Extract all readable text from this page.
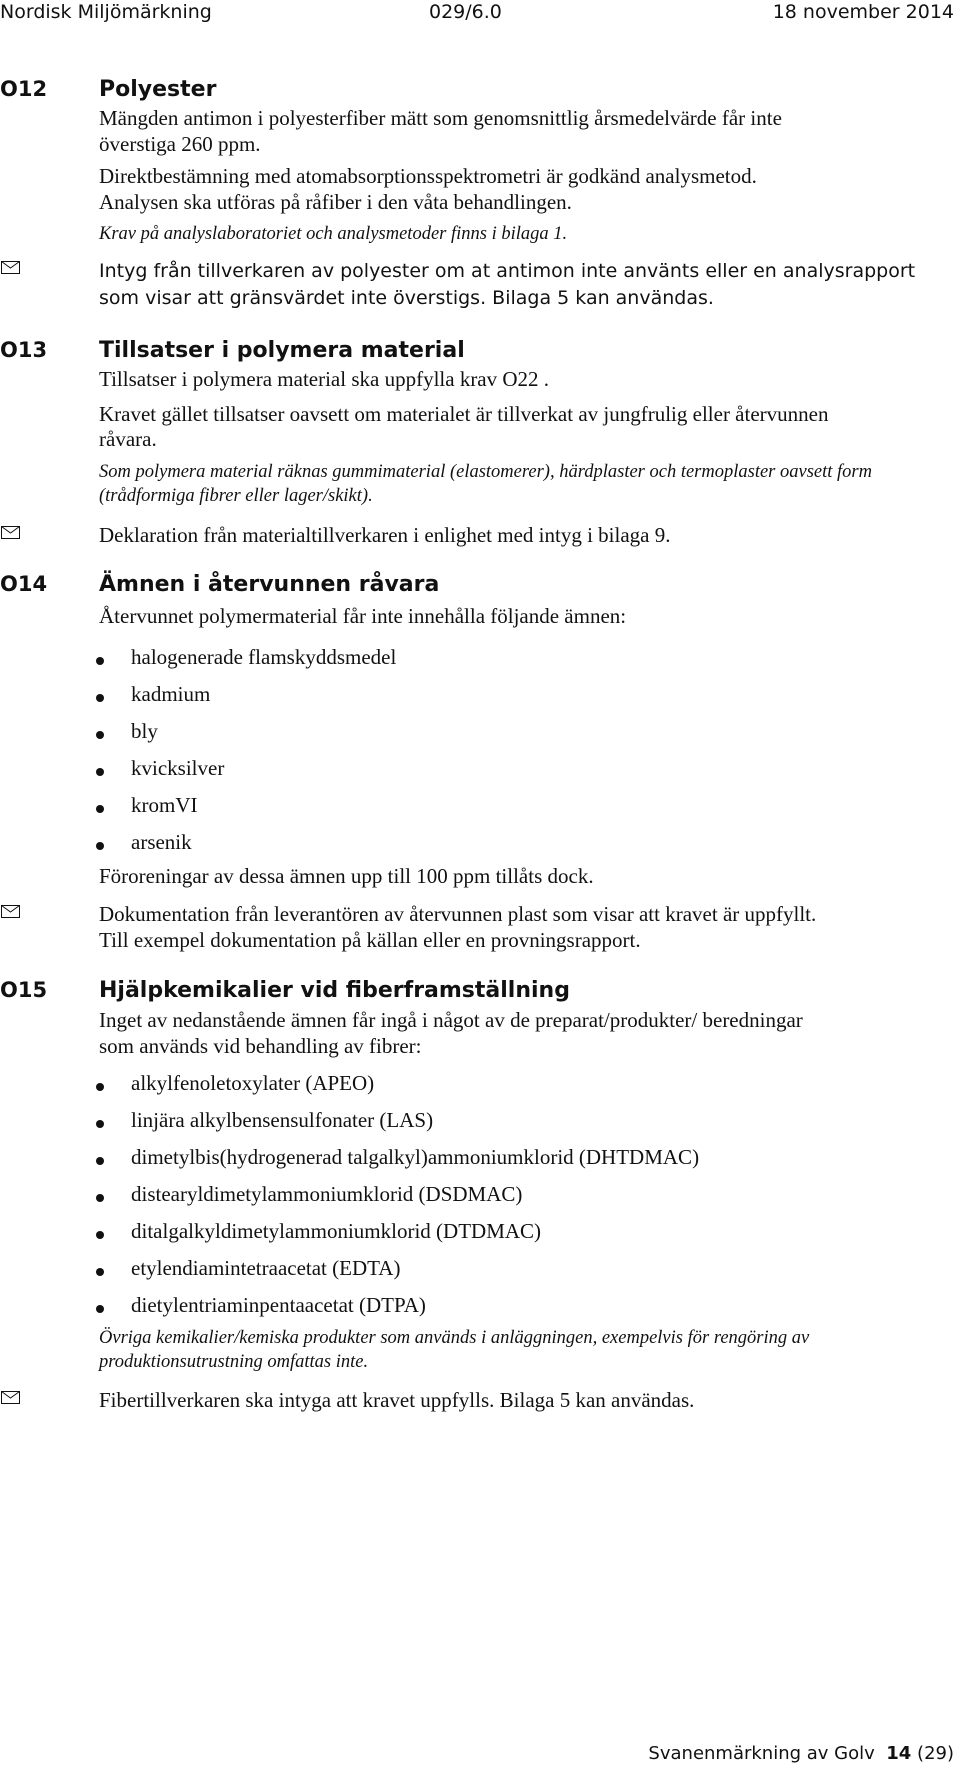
Nordisk Miljömärkning	029/6.0	18 november 2014
O12 Polyester
Mängden antimon i polyesterfiber mätt som genomsnittlig årsmedelvärde får inte
överstiga 260 ppm.
Direktbestämning med atomabsorptionsspektrometri är godkänd analysmetod.
Analysen ska utföras på råfiber i den våta behandlingen.
Krav på analyslaboratoriet och analysmetoder finns i bilaga 1.
Intyg från tillverkaren av polyester om at antimon inte använts eller en analysrapport
som visar att gränsvärdet inte överstigs. Bilaga 5 kan användas.
O13 Tillsatser i polymera material
Tillsatser i polymera material ska uppfylla krav O22 .
Kravet gället tillsatser oavsett om materialet är tillverkat av jungfrulig eller återvunnen
råvara.
Som polymera material räknas gummimaterial (elastomerer), härdplaster och termoplaster oavsett form
(trådformiga fibrer eller lager/skikt).
Deklaration från materialtillverkaren i enlighet med intyg i bilaga 9.
O14 Ämnen i återvunnen råvara
Återvunnet polymermaterial får inte innehålla följande ämnen:
halogenerade flamskyddsmedel
kadmium
bly
kvicksilver
kromVI
arsenik
Föroreningar av dessa ämnen upp till 100 ppm tillåts dock.
Dokumentation från leverantören av återvunnen plast som visar att kravet är uppfyllt.
Till exempel dokumentation på källan eller en provningsrapport.
O15 Hjälpkemikalier vid fiberframställning
Inget av nedanstående ämnen får ingå i något av de preparat/produkter/ beredningar
som används vid behandling av fibrer:
alkylfenoletoxylater (APEO)
linjära alkylbensensulfonater (LAS)
dimetylbis(hydrogenerad talgalkyl)ammoniumklorid (DHTDMAC)
distearyldimetylammoniumklorid (DSDMAC)
ditalgalkyldimetylammoniumklorid (DTDMAC)
etylendiamintetraacetat (EDTA)
dietylentriaminpentaacetat (DTPA)
Övriga kemikalier/kemiska produkter som används i anläggningen, exempelvis för rengöring av
produktionsutrustning omfattas inte.
Fibertillverkaren ska intyga att kravet uppfylls. Bilaga 5 kan användas.
Svanenmärkning av Golv 14 (29)
